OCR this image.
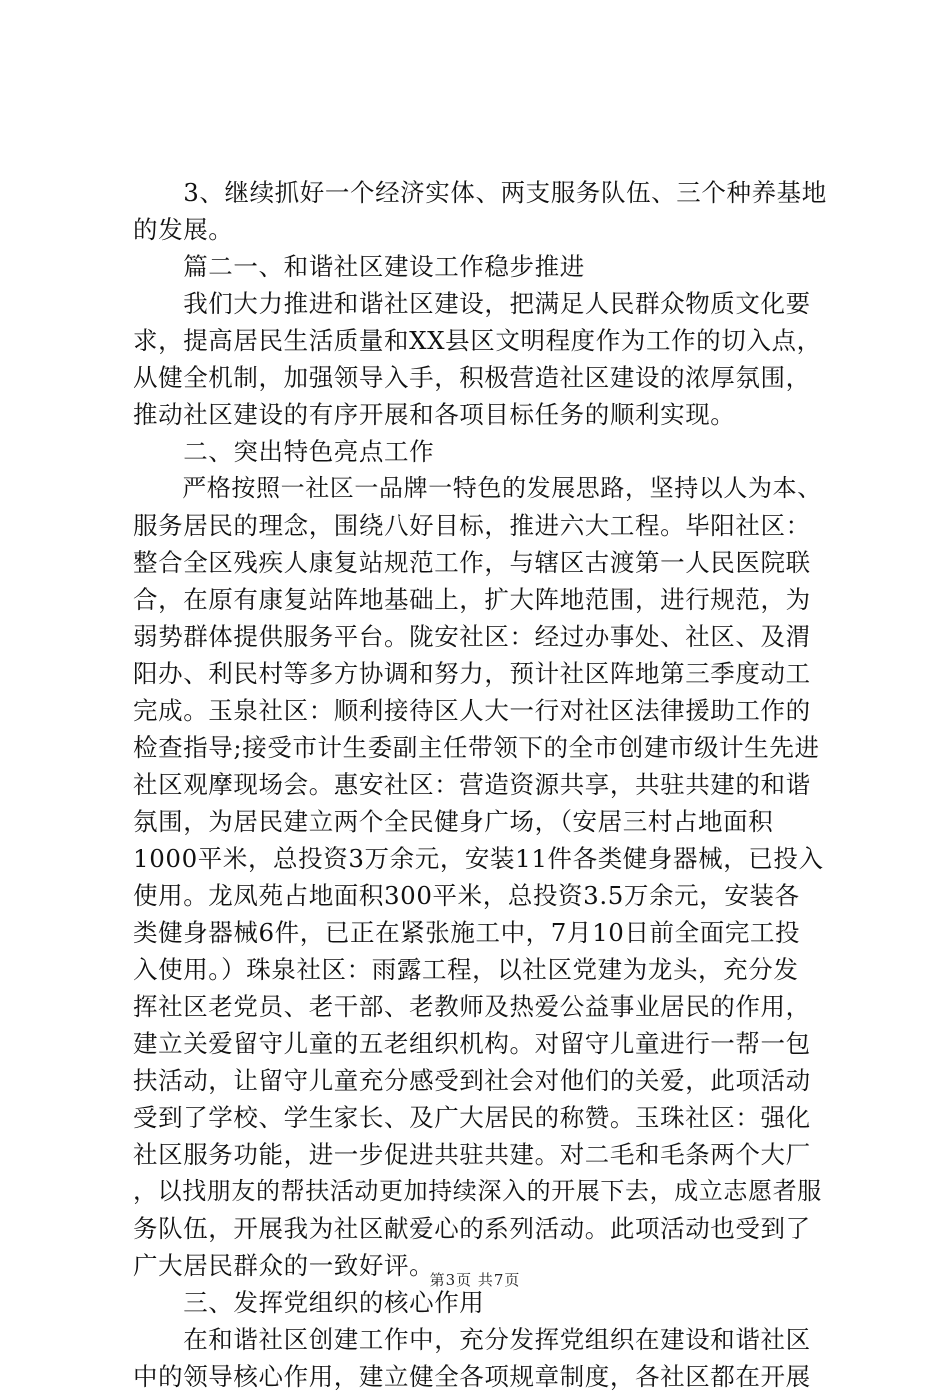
　　3、继续抓好一个经济实体、两支服务队伍、三个种养基地
的发展。
　　篇二一、和谐社区建设工作稳步推进
　　我们大力推进和谐社区建设，把满足人民群众物质文化要
求，提高居民生活质量和XX县区文明程度作为工作的切入点，
从健全机制，加强领导入手，积极营造社区建设的浓厚氛围，
推动社区建设的有序开展和各项目标任务的顺利实现。
　　二、突出特色亮点工作
　　严格按照一社区一品牌一特色的发展思路，坚持以人为本、
服务居民的理念，围绕八好目标，推进六大工程。毕阳社区：
整合全区残疾人康复站规范工作，与辖区古渡第一人民医院联
合，在原有康复站阵地基础上，扩大阵地范围，进行规范，为
弱势群体提供服务平台。陇安社区：经过办事处、社区、及渭
阳办、利民村等多方协调和努力，预计社区阵地第三季度动工
完成。玉泉社区：顺利接待区人大一行对社区法律援助工作的
检查指导;接受市计生委副主任带领下的全市创建市级计生先进
社区观摩现场会。惠安社区：营造资源共享，共驻共建的和谐
氛围，为居民建立两个全民健身广场，（安居三村占地面积
1000平米，总投资3万余元，安装11件各类健身器械，已投入
使用。龙凤苑占地面积300平米，总投资3.5万余元，安装各
类健身器械6件，已正在紧张施工中，7月10日前全面完工投
入使用。）珠泉社区：雨露工程，以社区党建为龙头，充分发
挥社区老党员、老干部、老教师及热爱公益事业居民的作用，
建立关爱留守儿童的五老组织机构。对留守儿童进行一帮一包
扶活动，让留守儿童充分感受到社会对他们的关爱，此项活动
受到了学校、学生家长、及广大居民的称赞。玉珠社区：强化
社区服务功能，进一步促进共驻共建。对二毛和毛条两个大厂
，以找朋友的帮扶活动更加持续深入的开展下去，成立志愿者服
务队伍，开展我为社区献爱心的系列活动。此项活动也受到了
广大居民群众的一致好评。
　　三、发挥党组织的核心作用
　　在和谐社区创建工作中，充分发挥党组织在建设和谐社区
中的领导核心作用，建立健全各项规章制度，各社区都在开展
第3页 共7页
